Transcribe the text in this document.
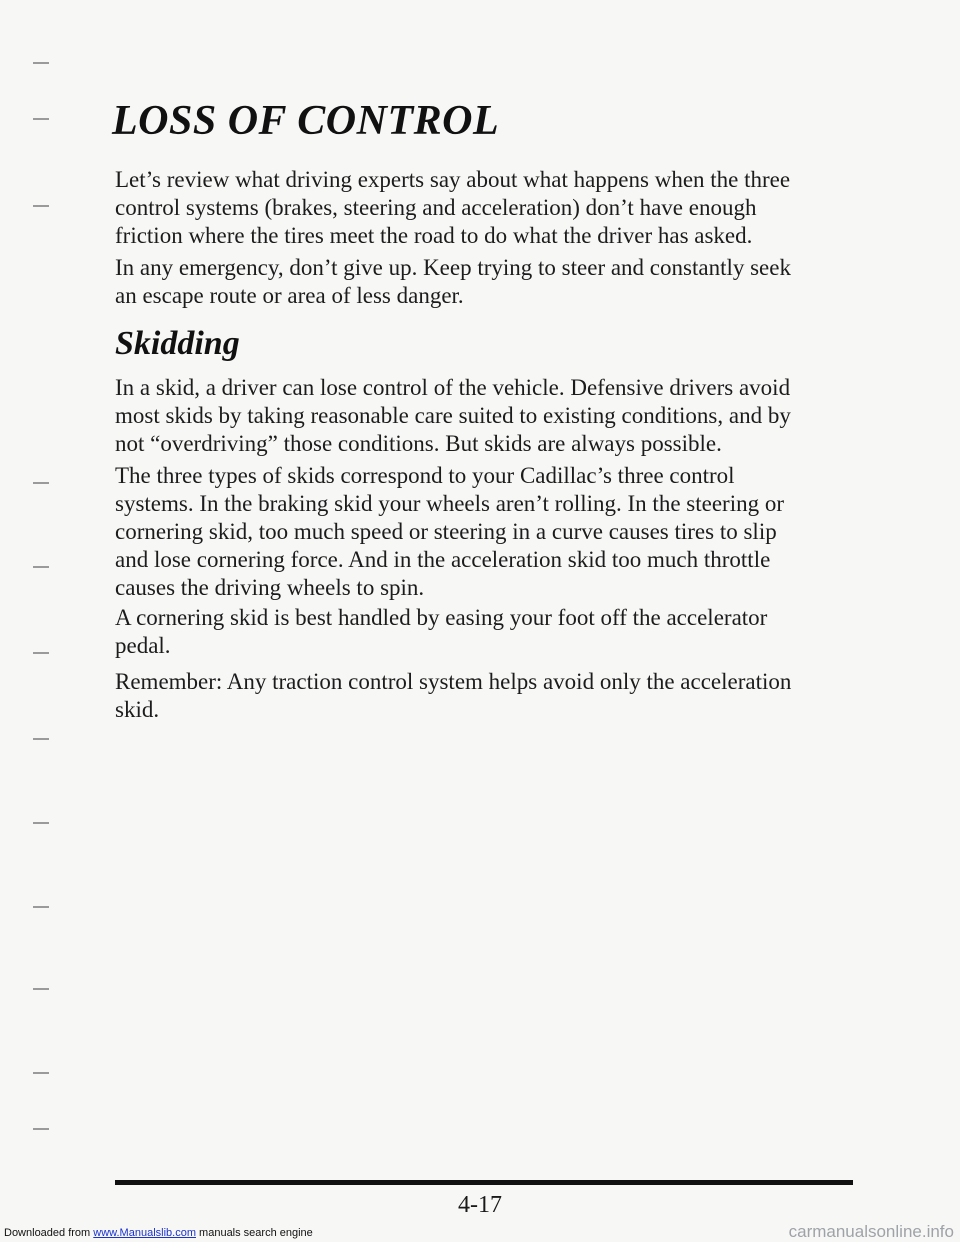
LOSS OF CONTROL

Let’s review what driving experts say about what happens when the three
control systems (brakes, steering and acceleration) don’t have enough
friction where the tires meet the road to do what the driver has asked.

In any emergency, don’t give up. Keep trying to steer and constantly seek
an escape route or area of less danger.

Skidding

In a skid, a driver can lose control of the vehicle. Defensive drivers avoid
most skids by taking reasonable care suited to existing conditions, and by
not “overdriving” those conditions. But skids are always possible.

The three types of skids correspond to your Cadillac’s three control
systems. In the braking skid your wheels aren’t rolling. In the steering or
cornering skid, too much speed or steering in a curve causes tires to slip
and lose cornering force. And in the acceleration skid too much throttle
causes the driving wheels to spin.

A cornering skid is best handled by easing your foot off the accelerator
pedal.

Remember: Any traction control system helps avoid only the acceleration
skid.

4-17
Downloaded from www.Manualslib.com manuals search engine	carmanualsonline.info
